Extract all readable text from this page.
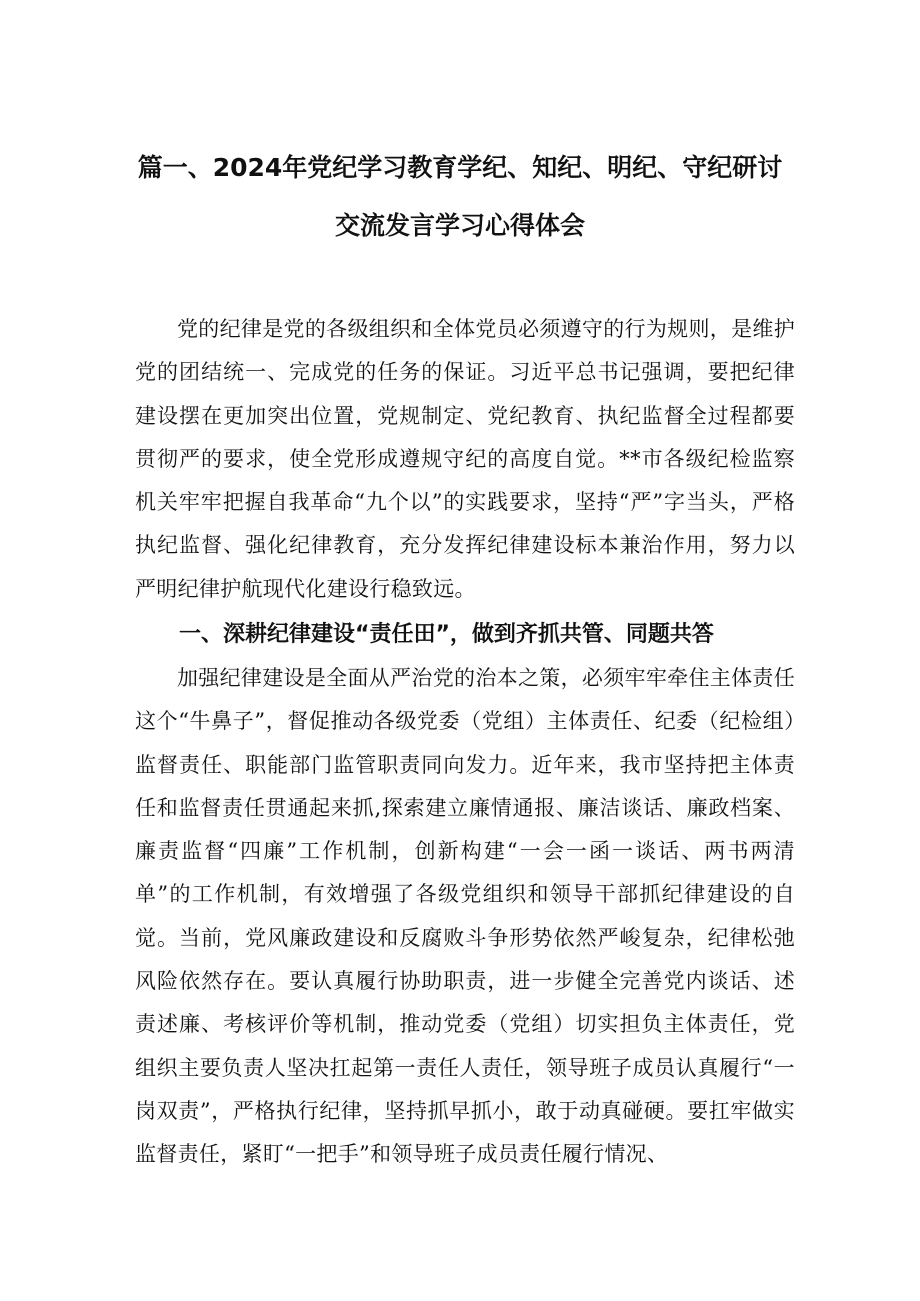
篇一、2024年党纪学习教育学纪、知纪、明纪、守纪研讨
交流发言学习心得体会

党的纪律是党的各级组织和全体党员必须遵守的行为规则，是维护党的团结统一、完成党的任务的保证。习近平总书记强调，要把纪律建设摆在更加突出位置，党规制定、党纪教育、执纪监督全过程都要贯彻严的要求，使全党形成遵规守纪的高度自觉。**市各级纪检监察机关牢牢把握自我革命“九个以”的实践要求，坚持“严”字当头，严格执纪监督、强化纪律教育，充分发挥纪律建设标本兼治作用，努力以严明纪律护航现代化建设行稳致远。

一、深耕纪律建设“责任田”，做到齐抓共管、同题共答

加强纪律建设是全面从严治党的治本之策，必须牢牢牵住主体责任这个“牛鼻子”，督促推动各级党委（党组）主体责任、纪委（纪检组）监督责任、职能部门监管职责同向发力。近年来，我市坚持把主体责任和监督责任贯通起来抓,探索建立廉情通报、廉洁谈话、廉政档案、廉责监督“四廉”工作机制，创新构建“一会一函一谈话、两书两清单”的工作机制，有效增强了各级党组织和领导干部抓纪律建设的自觉。当前，党风廉政建设和反腐败斗争形势依然严峻复杂，纪律松弛风险依然存在。要认真履行协助职责，进一步健全完善党内谈话、述责述廉、考核评价等机制，推动党委（党组）切实担负主体责任，党组织主要负责人坚决扛起第一责任人责任，领导班子成员认真履行“一岗双责”，严格执行纪律，坚持抓早抓小，敢于动真碰硬。要扛牢做实监督责任，紧盯“一把手”和领导班子成员责任履行情况、
